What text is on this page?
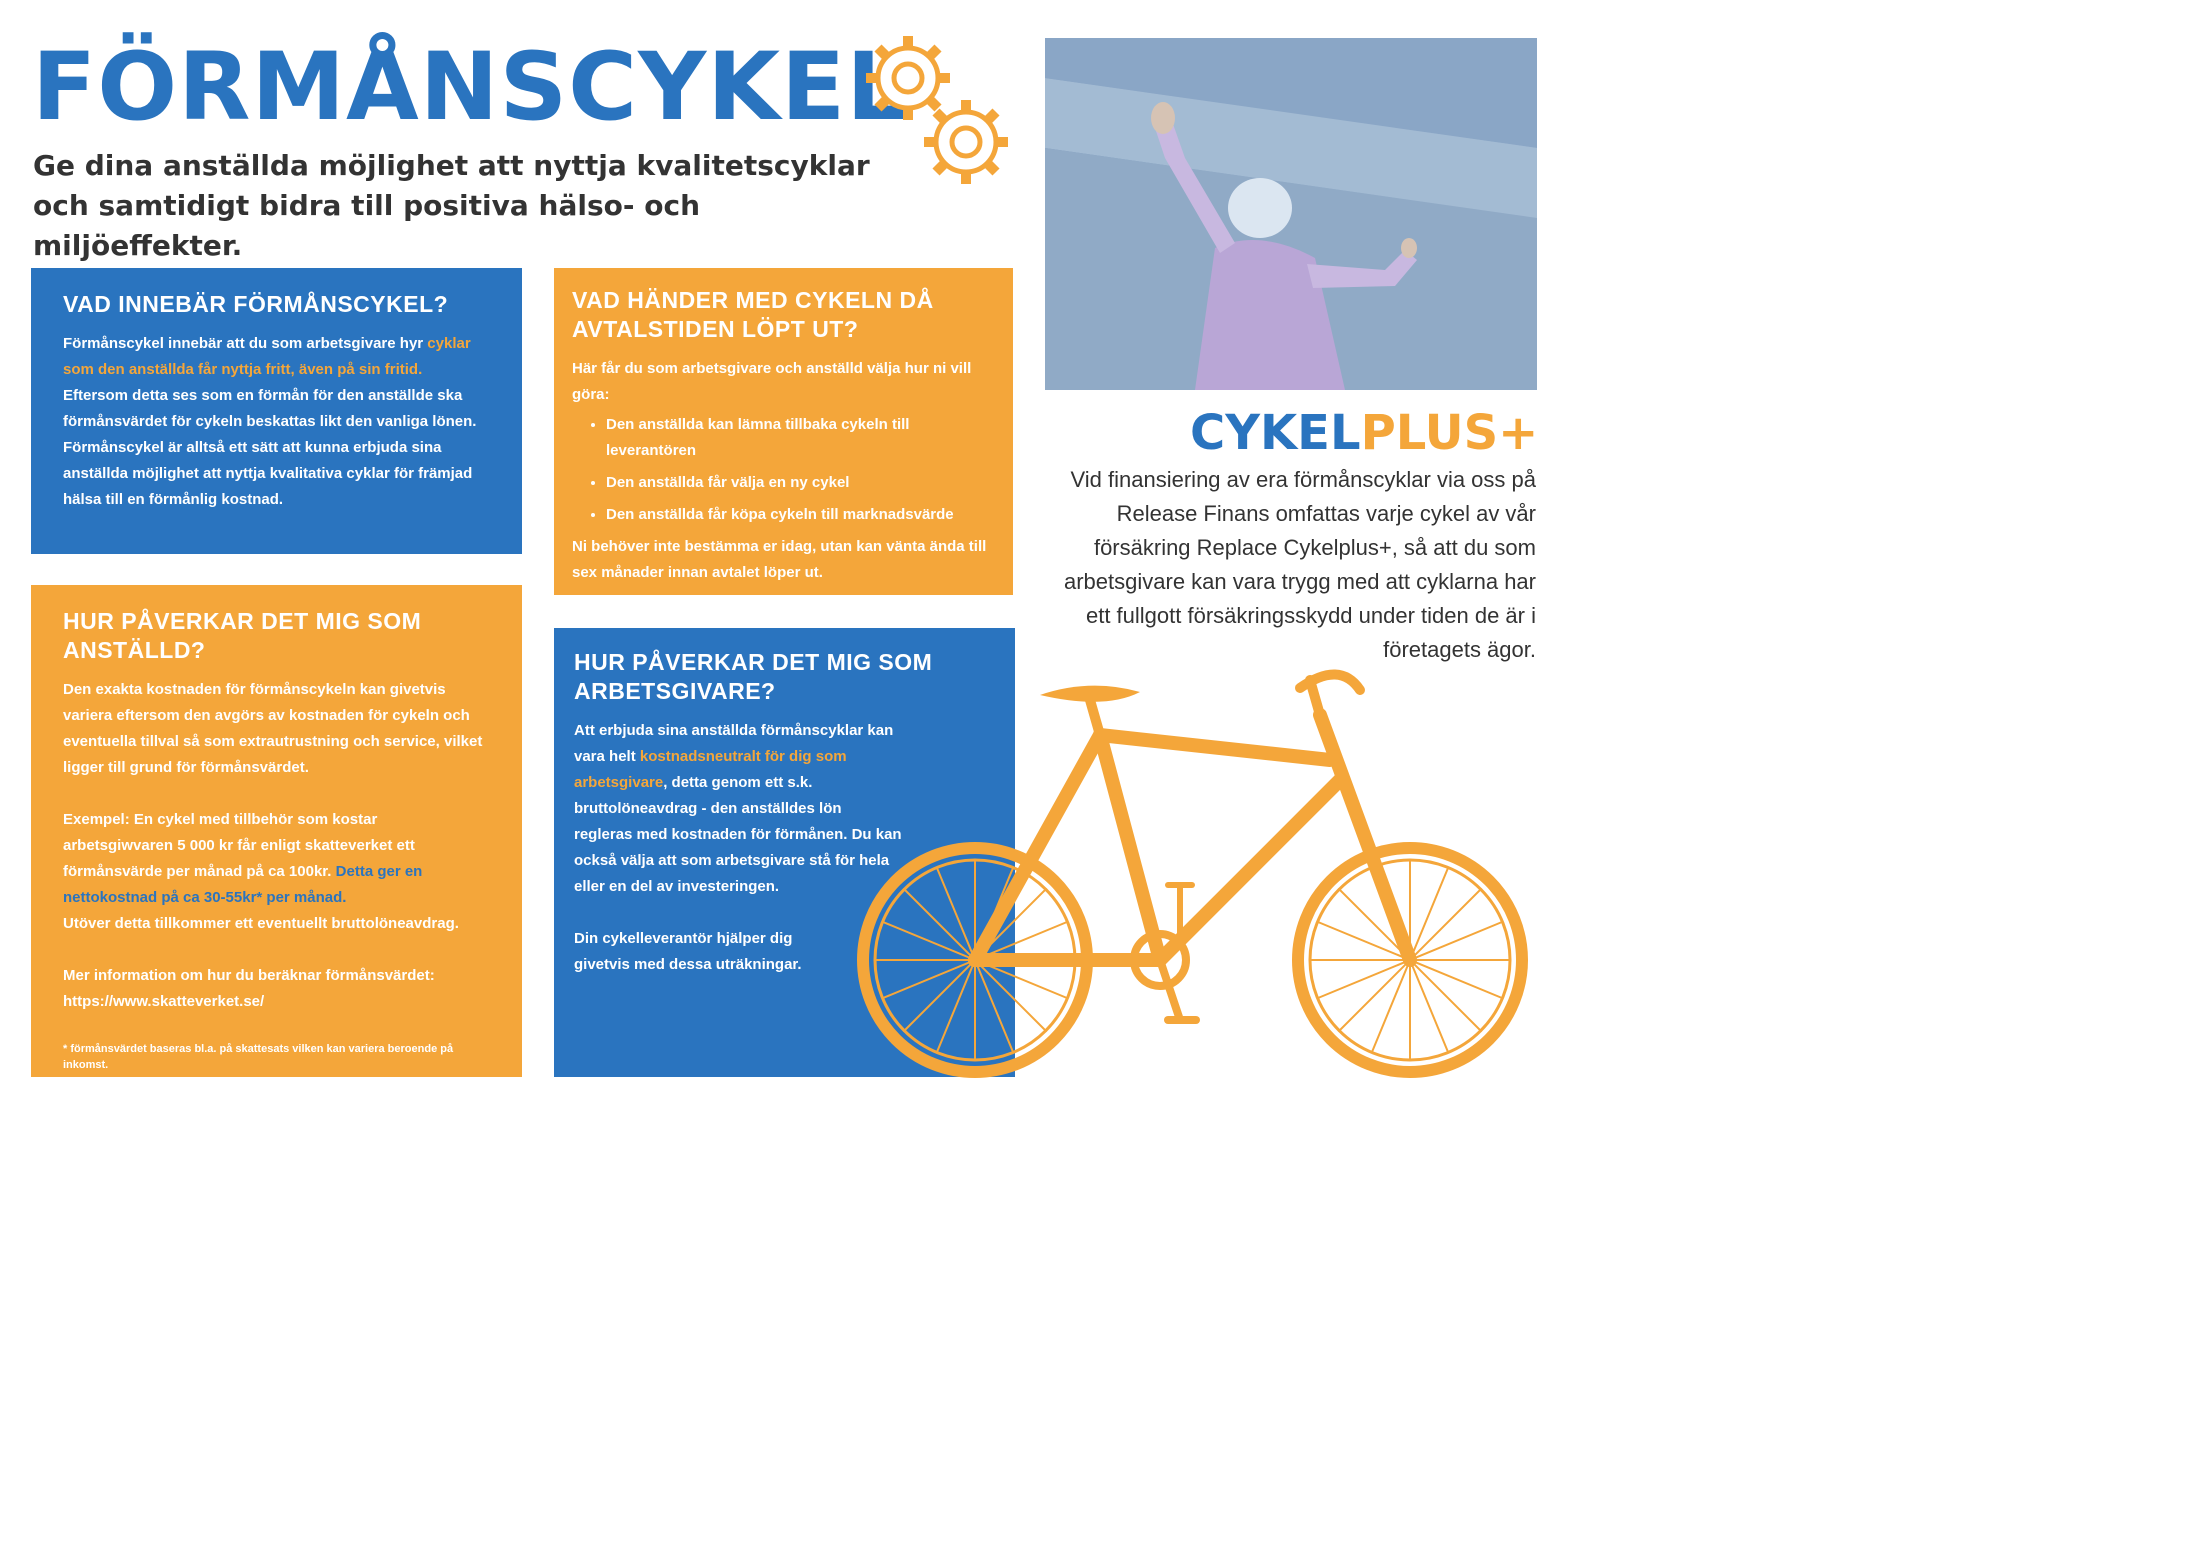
FÖRMÅNSCYKEL
Ge dina anställda möjlighet att nyttja kvalitetscyklar och samtidigt bidra till positiva hälso- och miljöeffekter.
VAD INNEBÄR FÖRMÅNSCYKEL?

Förmånscykel innebär att du som arbetsgivare hyr cyklar som den anställda får nyttja fritt, även på sin fritid. Eftersom detta ses som en förmån för den anställde ska förmånsvärdet för cykeln beskattas likt den vanliga lönen. Förmånscykel är alltså ett sätt att kunna erbjuda sina anställda möjlighet att nyttja kvalitativa cyklar för främjad hälsa till en förmånlig kostnad.

VAD HÄNDER MED CYKELN DÅ AVTALSTIDEN LÖPT UT?

Här får du som arbetsgivare och anställd välja hur ni vill göra:

• Den anställda kan lämna tillbaka cykeln till leverantören
• Den anställda får välja en ny cykel
• Den anställda får köpa cykeln till marknadsvärde

Ni behöver inte bestämma er idag, utan kan vänta ända till sex månader innan avtalet löper ut.

HUR PÅVERKAR DET MIG SOM ANSTÄLLD?

Den exakta kostnaden för förmånscykeln kan givetvis variera eftersom den avgörs av kostnaden för cykeln och eventuella tillval så som extrautrustning och service, vilket ligger till grund för förmånsvärdet.

Exempel: En cykel med tillbehör som kostar arbetsgiwvaren 5 000 kr får enligt skatteverket ett förmånsvärde per månad på ca 100kr. Detta ger en nettokostnad på ca 30-55kr* per månad.
Utöver detta tillkommer ett eventuellt bruttolöneavdrag.

Mer information om hur du beräknar förmånsvärdet:
https://www.skatteverket.se/

* förmånsvärdet baseras bl.a. på skattesats vilken kan variera beroende på inkomst.
HUR PÅVERKAR DET MIG SOM ARBETSGIVARE?

Att erbjuda sina anställda förmånscyklar kan vara helt kostnadsneutralt för dig som arbetsgivare, detta genom ett s.k. bruttolöneavdrag - den anställdes lön regleras med kostnaden för förmånen. Du kan också välja att som arbetsgivare stå för hela eller en del av investeringen.

Din cykelleverantör hjälper dig givetvis med dessa uträkningar.

CYKELPLUS+
Vid finansiering av era förmånscyklar via oss på Release Finans omfattas varje cykel av vår försäkring Replace Cykelplus+, så att du som arbetsgivare kan vara trygg med att cyklarna har ett fullgott försäkringsskydd under tiden de är i företagets ägor.
